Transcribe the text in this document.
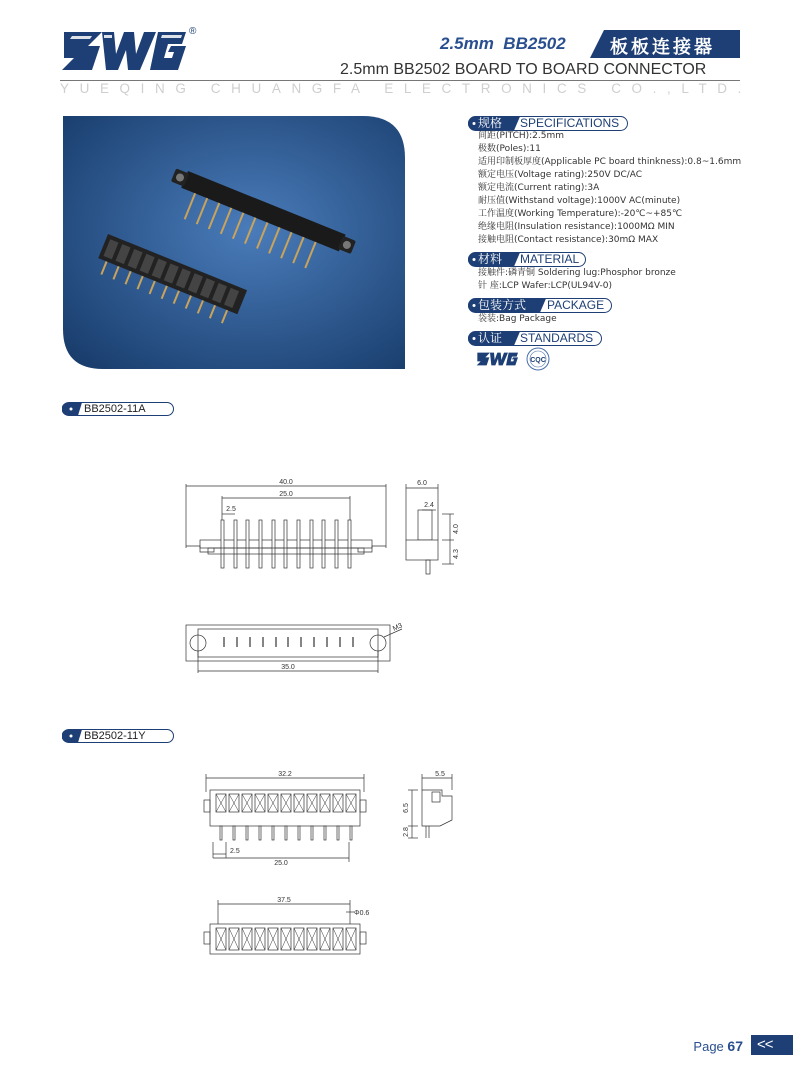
®
2.5mm  BB2502 板板连接器
2.5mm BB2502 BOARD TO BOARD CONNECTOR
YUEQING CHUANGFA ELECTRONICS CO.,LTD.
规格 SPECIFICATIONS
间距(PITCH):2.5mm
极数(Poles):11
适用印制板厚度(Applicable PC board thinkness):0.8~1.6mm
额定电压(Voltage rating):250V DC/AC
额定电流(Current rating):3A
耐压值(Withstand voltage):1000V AC(minute)
工作温度(Working Temperature):-20℃~+85℃
绝缘电阻(Insulation resistance):1000MΩ MIN
接触电阻(Contact resistance):30mΩ MAX
材料 MATERIAL
接触件:磷青铜 Soldering lug:Phosphor bronze
针 座:LCP Wafer:LCP(UL94V-0)
包装方式 PACKAGE
袋装:Bag Package
认证 STANDARDS
CQC
BB2502-11A
40.0
25.0
2.5
6.0
2.4
4.0
4.3
35.0
M3
BB2502-11Y
32.2
2.5
25.0
5.5
6.5
2.8
37.5
Φ0.6
Page 67 <<
